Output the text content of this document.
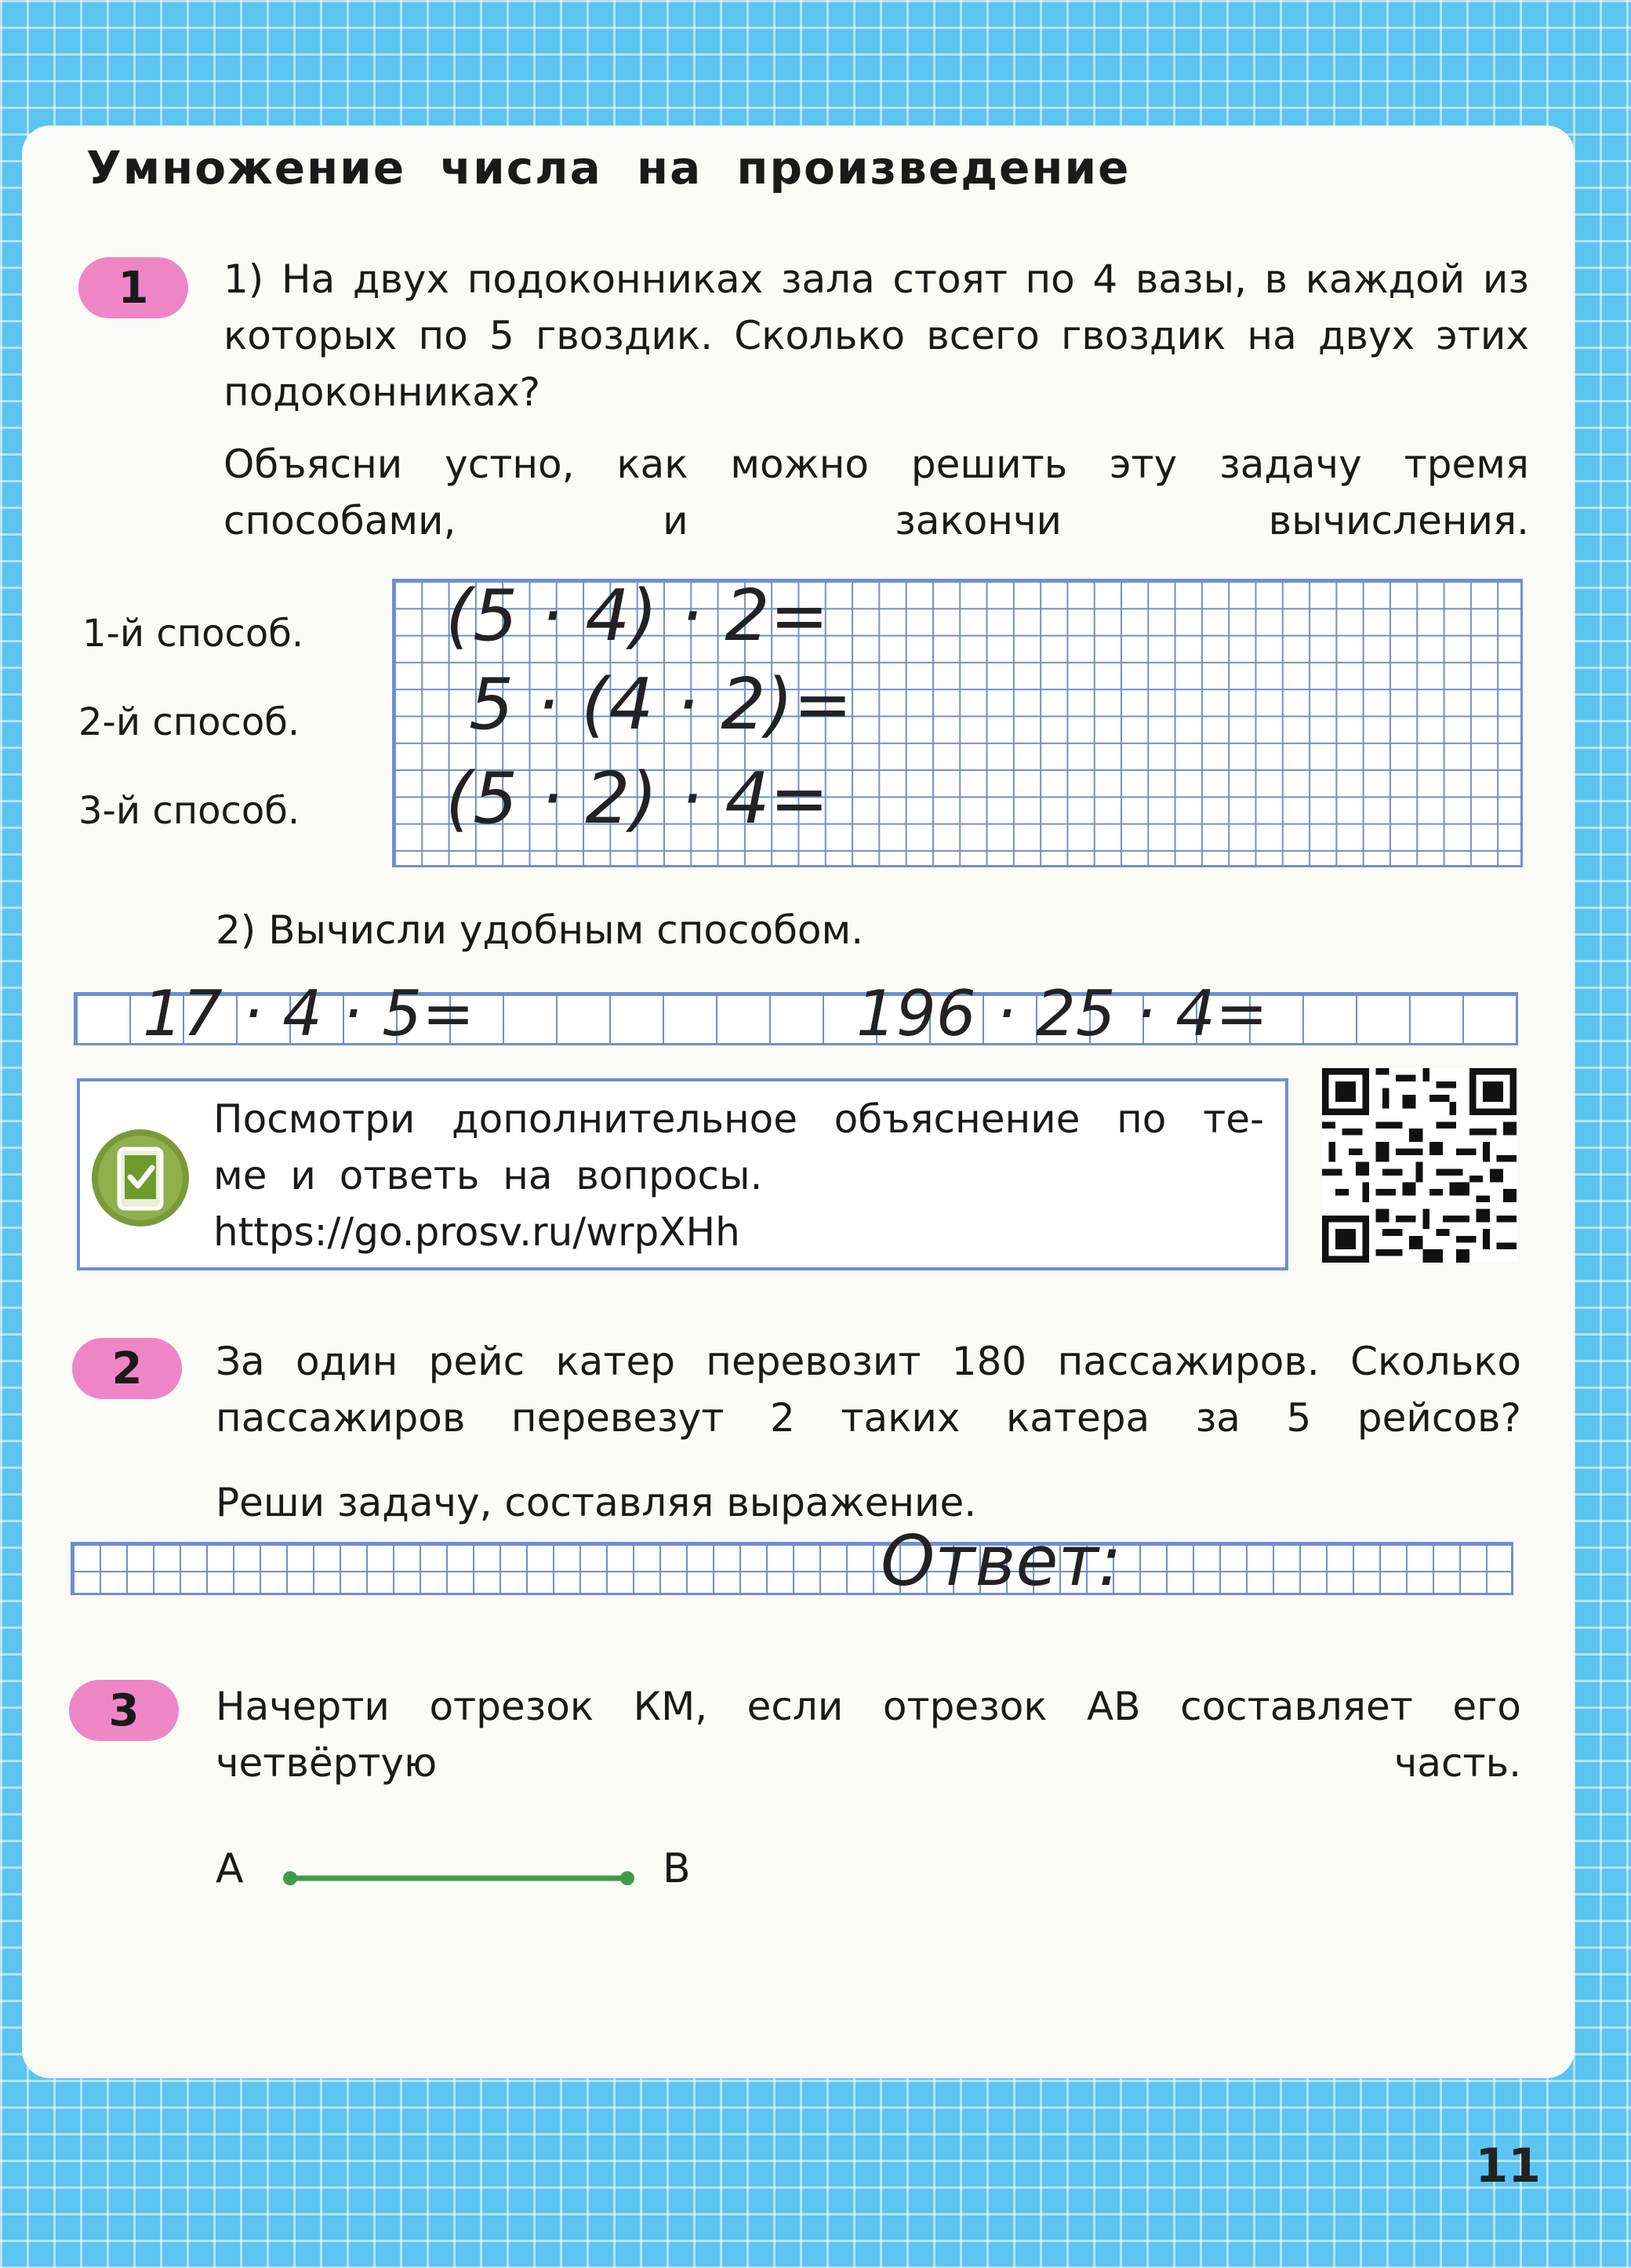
Умножение числа на произведение
1	1) На двух подоконниках зала стоят по 4 вазы, в каждой из которых по 5 гвоздик. Сколько всего гвоздик на двух этих подоконниках?
Объясни устно, как можно решить эту задачу тремя способами, и закончи вычисления.
1-й способ.
2-й способ.
3-й способ.
(5 · 4) · 2=
5 · (4 · 2)=
(5 · 2) · 4=
2) Вычисли удобным способом.
17 · 4 · 5=	196 · 25 · 4=
Посмотри дополнительное объяснение по те-
ме и ответь на вопросы.
https://go.prosv.ru/wrpXHh
2	За один рейс катер перевозит 180 пассажиров. Сколько пассажиров перевезут 2 таких катера за 5 рейсов?
Реши задачу, составляя выражение.
Ответ:
3	Начерти отрезок КМ, если отрезок АВ составляет его четвёртую часть.
А	В
11
